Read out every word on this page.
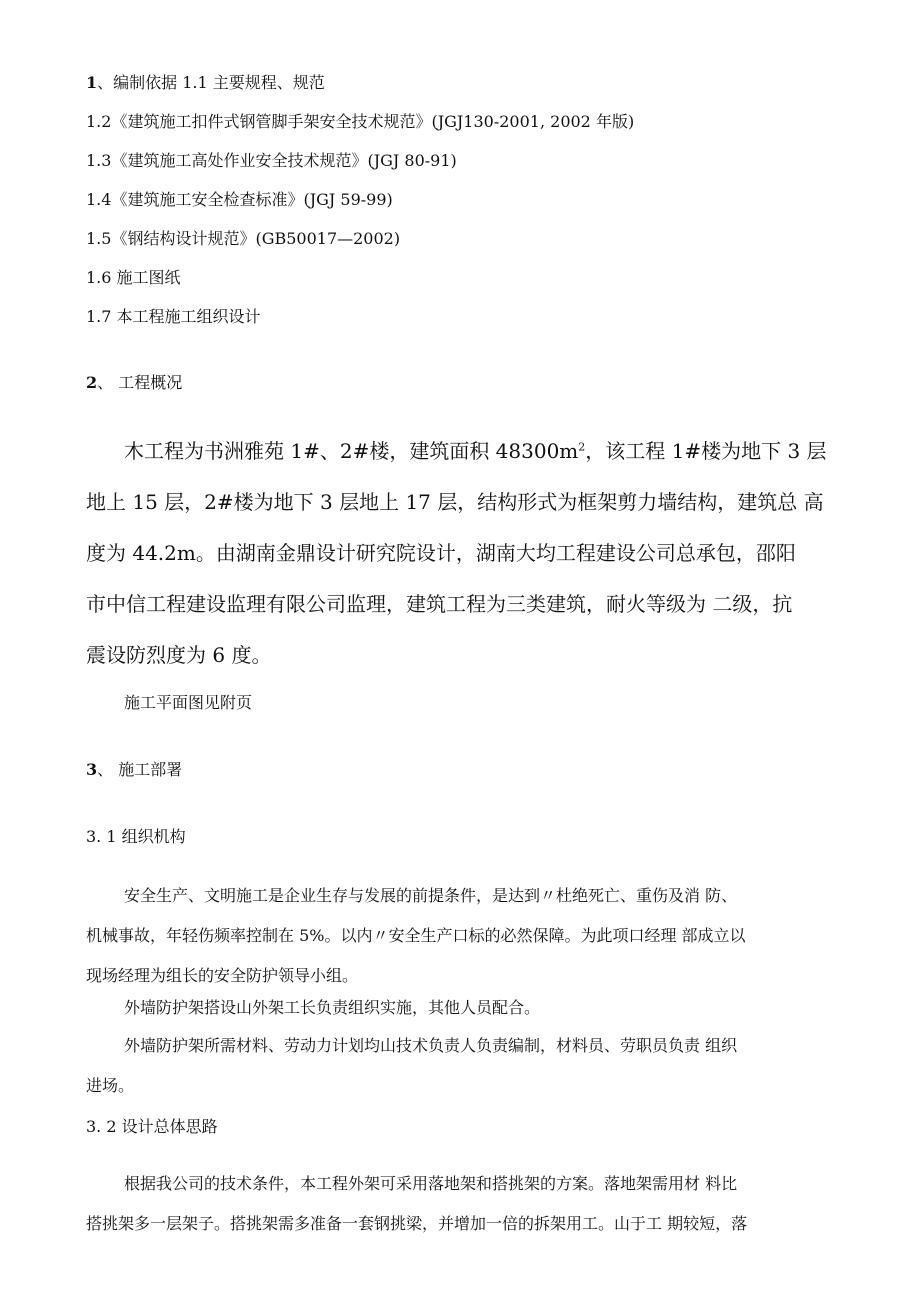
1、编制依据 1.1 主要规程、规范
1.2《建筑施工扣件式钢管脚手架安全技术规范》(JGJ130-2001, 2002 年版)
1.3《建筑施工高处作业安全技术规范》(JGJ 80-91)
1.4《建筑施工安全检查标准》(JGJ 59-99)
1.5《钢结构设计规范》(GB50017—2002)
1.6 施工图纸
1.7 本工程施工组织设计
2、 工程概况
木工程为书洲雅苑 1#、2#楼，建筑面积 $48300m^2$，该工程 1#楼为地下 3 层
地上 15 层，2#楼为地下 3 层地上 17 层，结构形式为框架剪力墙结构，建筑总 高
度为 44.2m。由湖南金鼎设计研究院设计，湖南大均工程建设公司总承包，邵阳
市中信工程建设监理有限公司监理，建筑工程为三类建筑，耐火等级为 二级，抗
震设防烈度为 6 度。
施工平面图见附页
3、 施工部署
3. 1 组织机构
安全生产、文明施工是企业生存与发展的前提条件，是达到〃杜绝死亡、重伤及消 防、
机械事故，年轻伤频率控制在 5%。以内〃安全生产口标的必然保障。为此项口经理 部成立以
现场经理为组长的安全防护领导小组。
外墙防护架搭设山外架工长负责组织实施，其他人员配合。
外墙防护架所需材料、劳动力计划均山技术负责人负责编制，材料员、劳职员负责 组织
进场。
3. 2 设计总体思路
根据我公司的技术条件，本工程外架可采用落地架和搭挑架的方案。落地架需用材 料比
搭挑架多一层架子。搭挑架需多准备一套钢挑梁，并增加一倍的拆架用工。山于工 期较短，落
